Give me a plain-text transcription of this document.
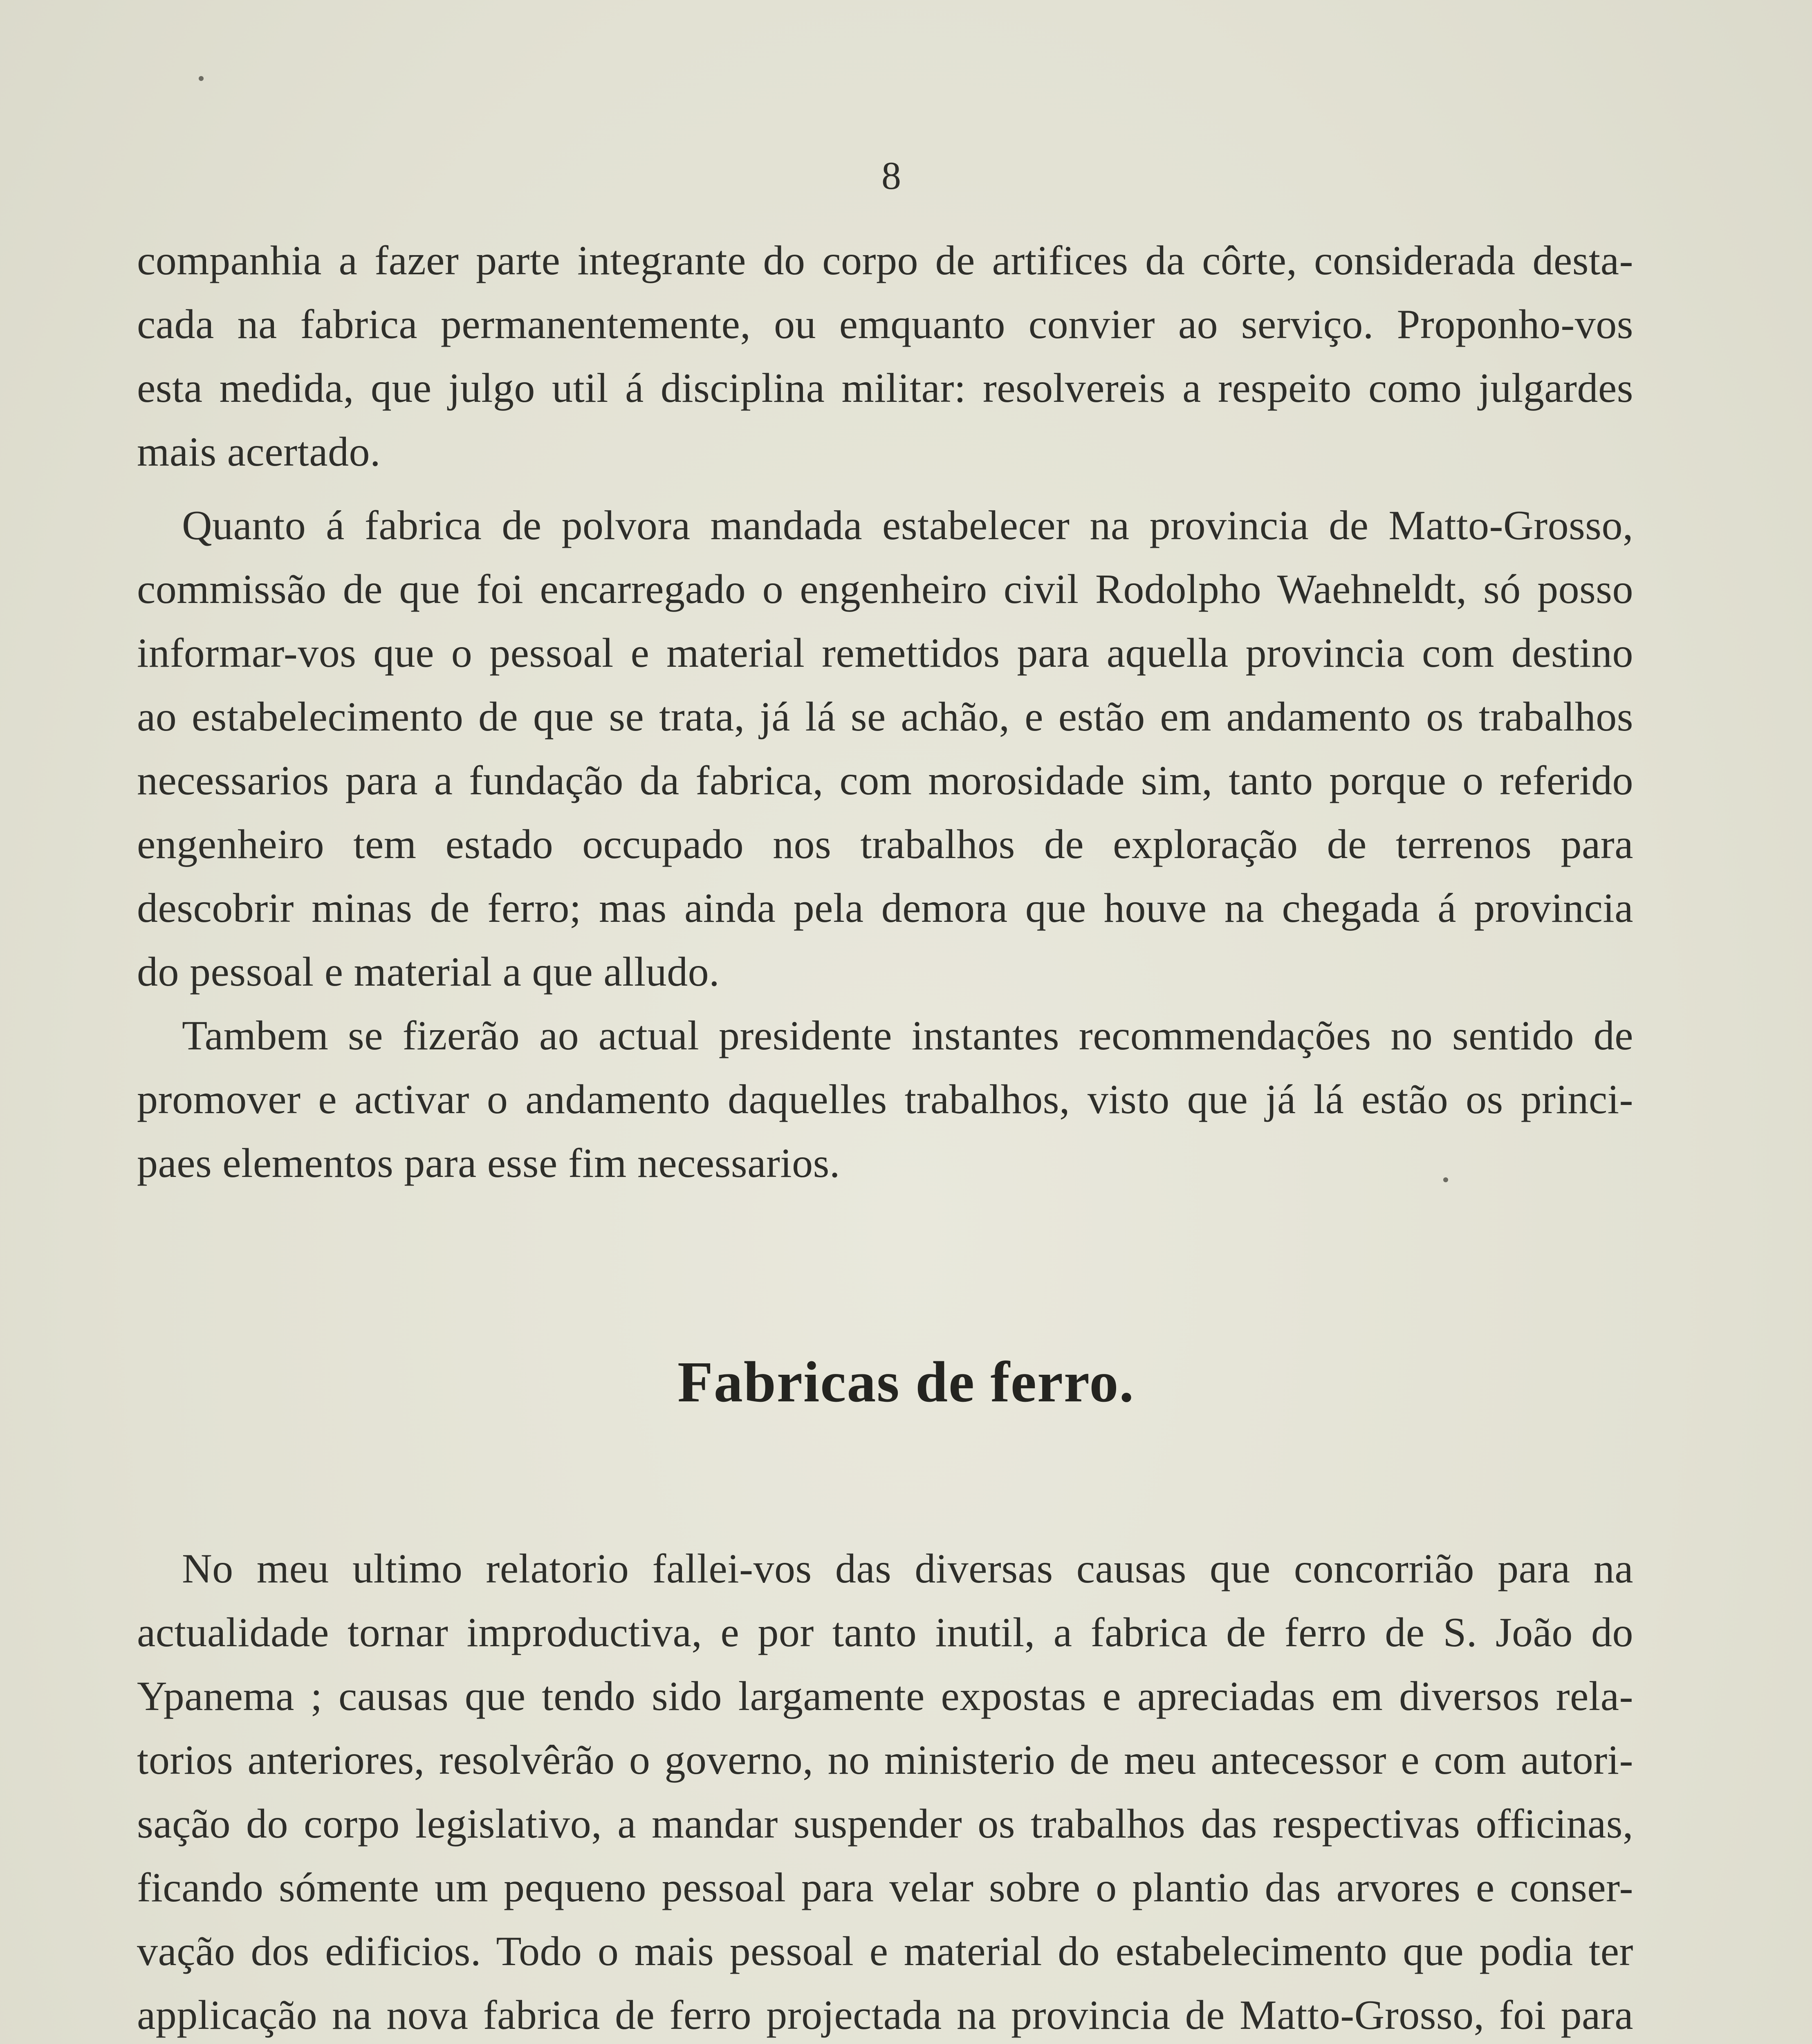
8

companhia a fazer parte integrante do corpo de artifices da côrte, considerada desta-
cada na fabrica permanentemente, ou emquanto convier ao serviço. Proponho-vos
esta medida, que julgo util á disciplina militar: resolvereis a respeito como julgardes
mais acertado.

Quanto á fabrica de polvora mandada estabelecer na provincia de Matto-Grosso,
commissão de que foi encarregado o engenheiro civil Rodolpho Waehneldt, só posso
informar-vos que o pessoal e material remettidos para aquella provincia com destino
ao estabelecimento de que se trata, já lá se achão, e estão em andamento os trabalhos
necessarios para a fundação da fabrica, com morosidade sim, tanto porque o referido
engenheiro tem estado occupado nos trabalhos de exploração de terrenos para
descobrir minas de ferro; mas ainda pela demora que houve na chegada á provincia
do pessoal e material a que alludo.

Tambem se fizerão ao actual presidente instantes recommendações no sentido de
promover e activar o andamento daquelles trabalhos, visto que já lá estão os princi-
paes elementos para esse fim necessarios.

Fabricas de ferro.

No meu ultimo relatorio fallei-vos das diversas causas que concorrião para na
actualidade tornar improductiva, e por tanto inutil, a fabrica de ferro de S. João do
Ypanema ; causas que tendo sido largamente expostas e apreciadas em diversos rela-
torios anteriores, resolvêrão o governo, no ministerio de meu antecessor e com autori-
sação do corpo legislativo, a mandar suspender os trabalhos das respectivas officinas,
ficando sómente um pequeno pessoal para velar sobre o plantio das arvores e conser-
vação dos edificios. Todo o mais pessoal e material do estabelecimento que podia ter
applicação na nova fabrica de ferro projectada na provincia de Matto-Grosso, foi para
